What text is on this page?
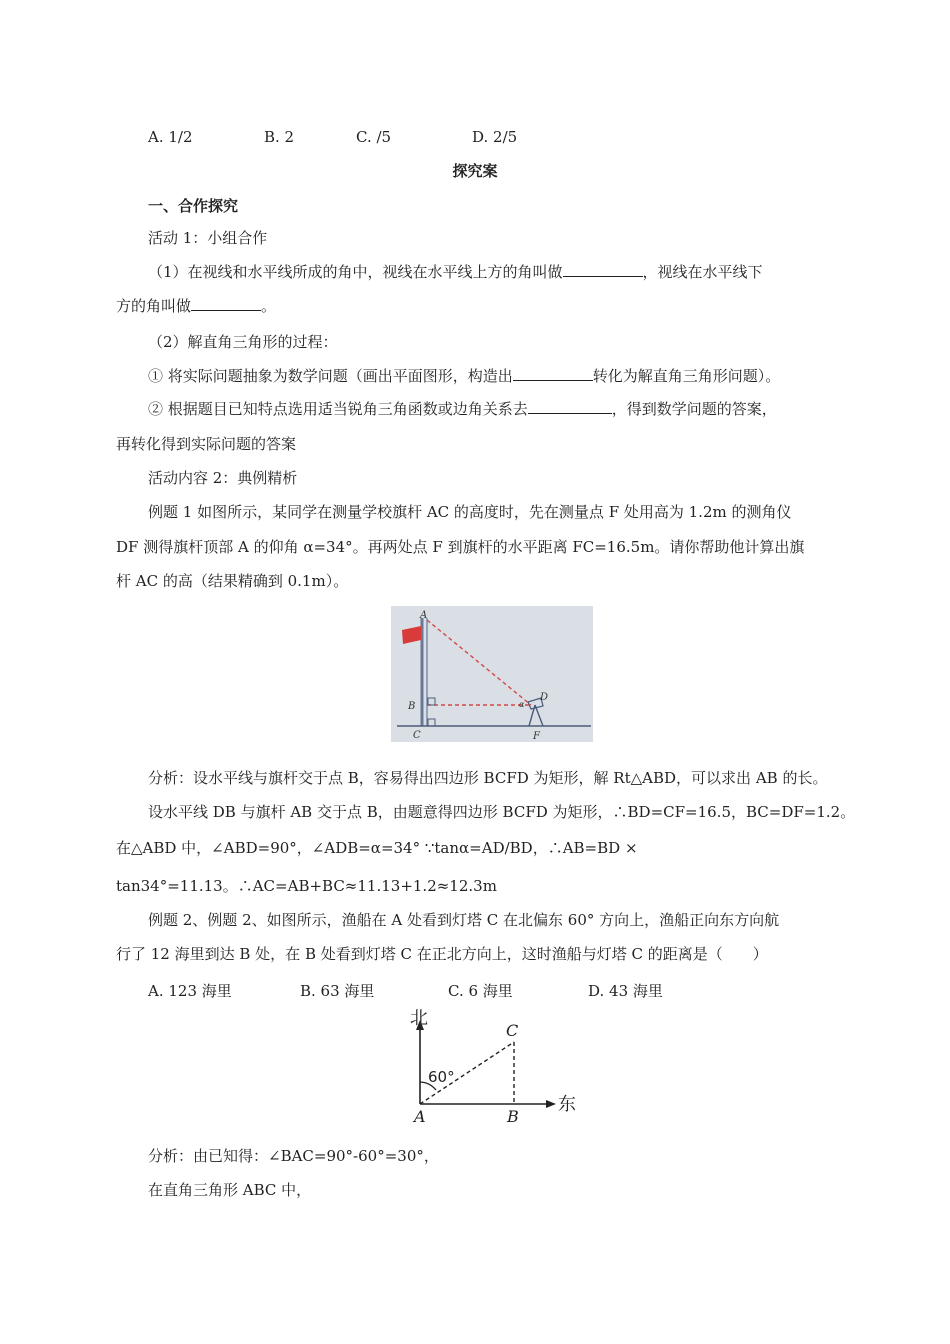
A. 1/2	B. 2	C. /5	D. 2/5
探究案
一、合作探究
活动 1：小组合作
（1）在视线和水平线所成的角中，视线在水平线上方的角叫做	，视线在水平线下
方的角叫做	。
（2）解直角三角形的过程：
① 将实际问题抽象为数学问题（画出平面图形，构造出	转化为解直角三角形问题）。
② 根据题目已知特点选用适当锐角三角函数或边角关系去	，得到数学问题的答案，
再转化得到实际问题的答案
活动内容 2：典例精析
例题 1 如图所示，某同学在测量学校旗杆 AC 的高度时，先在测量点 F 处用高为 1.2m 的测角仪
DF 测得旗杆顶部 A 的仰角 α=34°。再两处点 F 到旗杆的水平距离 FC=16.5m。请你帮助他计算出旗
杆 AC 的高（结果精确到 0.1m）。
A
B
C
D
F
α
分析：设水平线与旗杆交于点 B，容易得出四边形 BCFD 为矩形，解 Rt△ABD，可以求出 AB 的长。
设水平线 DB 与旗杆 AB 交于点 B，由题意得四边形 BCFD 为矩形，∴BD=CF=16.5，BC=DF=1.2。
在△ABD 中，∠ABD=90°，∠ADB=α=34° ∵tanα=AD/BD，∴AB=BD ×
tan34°=11.13。∴AC=AB+BC≈11.13+1.2≈12.3m
例题 2、例题 2、如图所示，渔船在 A 处看到灯塔 C 在北偏东 60° 方向上，渔船正向东方向航
行了 12 海里到达 B 处，在 B 处看到灯塔 C 在正北方向上，这时渔船与灯塔 C 的距离是（　　）
A. 123 海里	B. 63 海里	C. 6 海里	D. 43 海里
北
东
60°
A	B
C
分析：由已知得：∠BAC=90°-60°=30°，
在直角三角形 ABC 中，
